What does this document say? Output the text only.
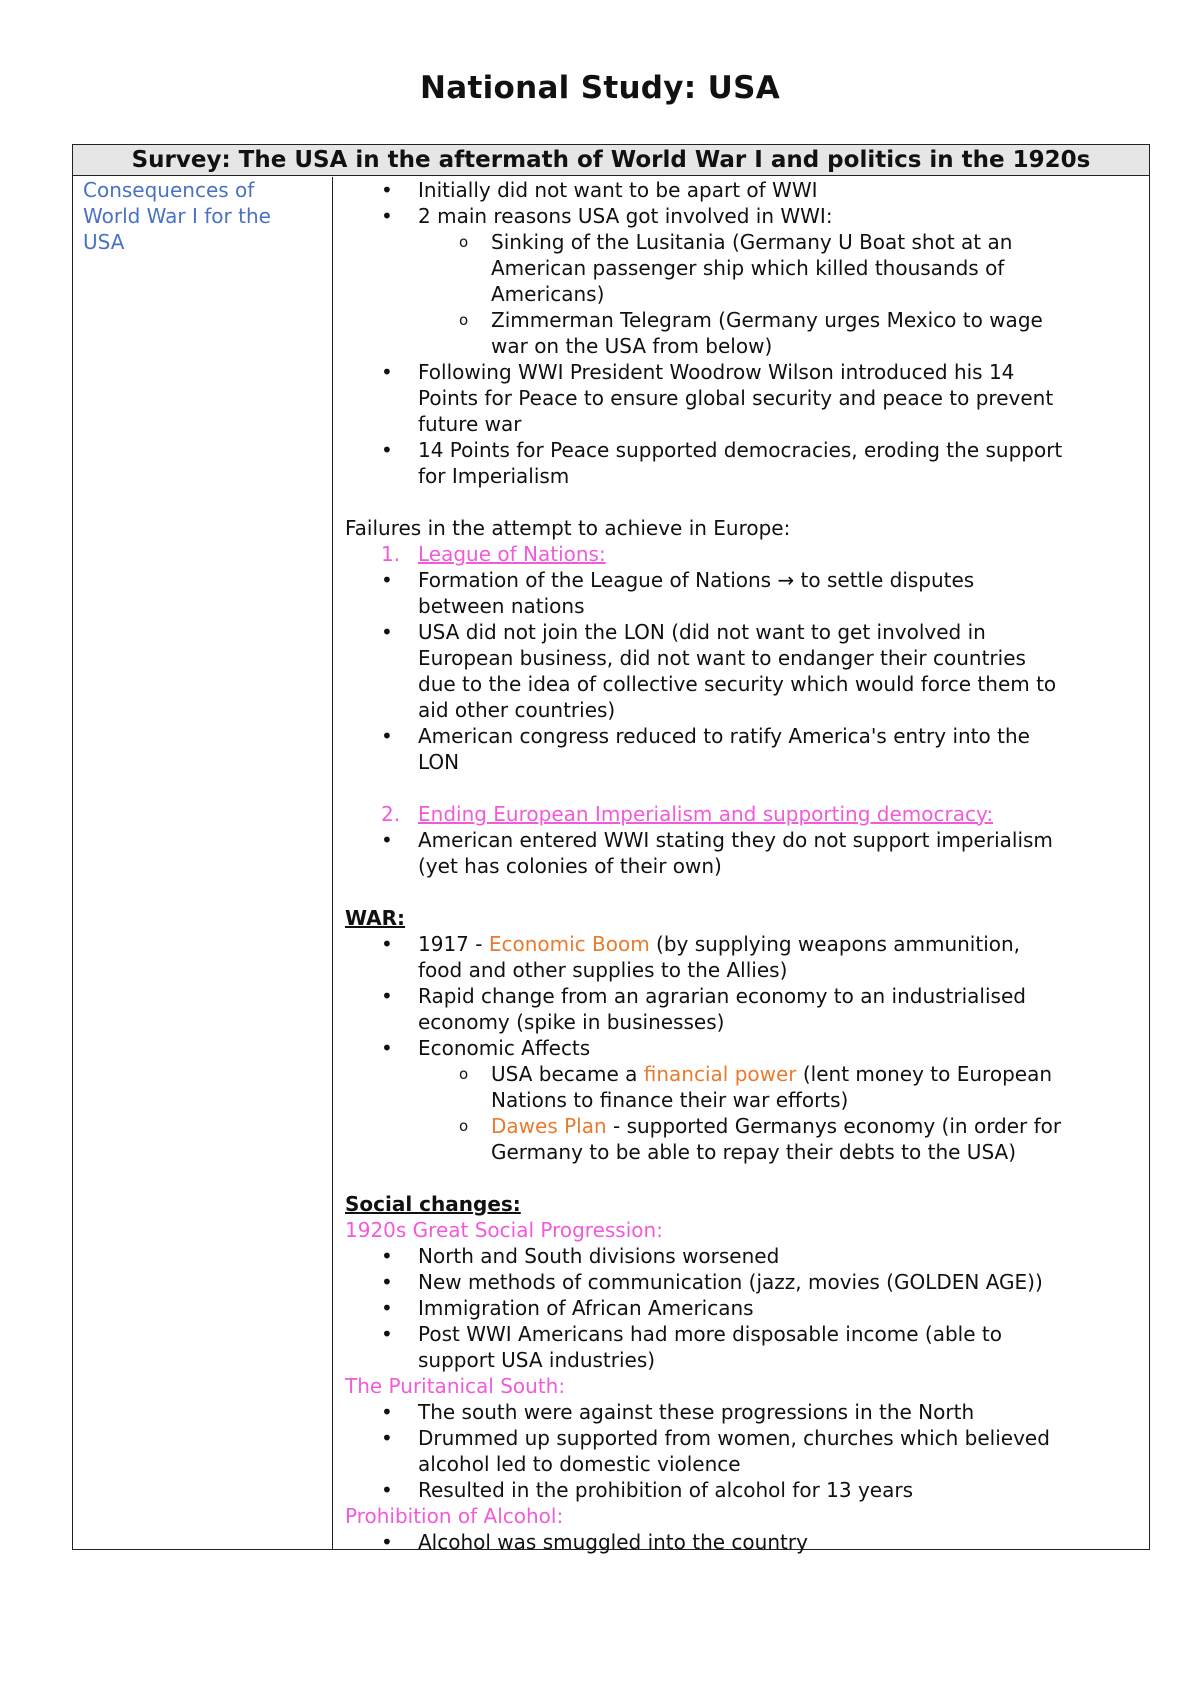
National Study: USA
Survey: The USA in the aftermath of World War I and politics in the 1920s
Consequences of
World War I for the
USA
• Initially did not want to be apart of WWI
• 2 main reasons USA got involved in WWI:
o Sinking of the Lusitania (Germany U Boat shot at an
American passenger ship which killed thousands of
Americans)
o Zimmerman Telegram (Germany urges Mexico to wage
war on the USA from below)
• Following WWI President Woodrow Wilson introduced his 14
Points for Peace to ensure global security and peace to prevent
future war
• 14 Points for Peace supported democracies, eroding the support
for Imperialism
Failures in the attempt to achieve in Europe:
1. League of Nations:
• Formation of the League of Nations → to settle disputes
between nations
• USA did not join the LON (did not want to get involved in
European business, did not want to endanger their countries
due to the idea of collective security which would force them to
aid other countries)
• American congress reduced to ratify America's entry into the
LON
2. Ending European Imperialism and supporting democracy:
• American entered WWI stating they do not support imperialism
(yet has colonies of their own)
WAR:
• 1917 - Economic Boom (by supplying weapons ammunition,
food and other supplies to the Allies)
• Rapid change from an agrarian economy to an industrialised
economy (spike in businesses)
• Economic Affects
o USA became a financial power (lent money to European
Nations to finance their war efforts)
o Dawes Plan - supported Germanys economy (in order for
Germany to be able to repay their debts to the USA)
Social changes:
1920s Great Social Progression:
• North and South divisions worsened
• New methods of communication (jazz, movies (GOLDEN AGE))
• Immigration of African Americans
• Post WWI Americans had more disposable income (able to
support USA industries)
The Puritanical South:
• The south were against these progressions in the North
• Drummed up supported from women, churches which believed
alcohol led to domestic violence
• Resulted in the prohibition of alcohol for 13 years
Prohibition of Alcohol:
• Alcohol was smuggled into the country
